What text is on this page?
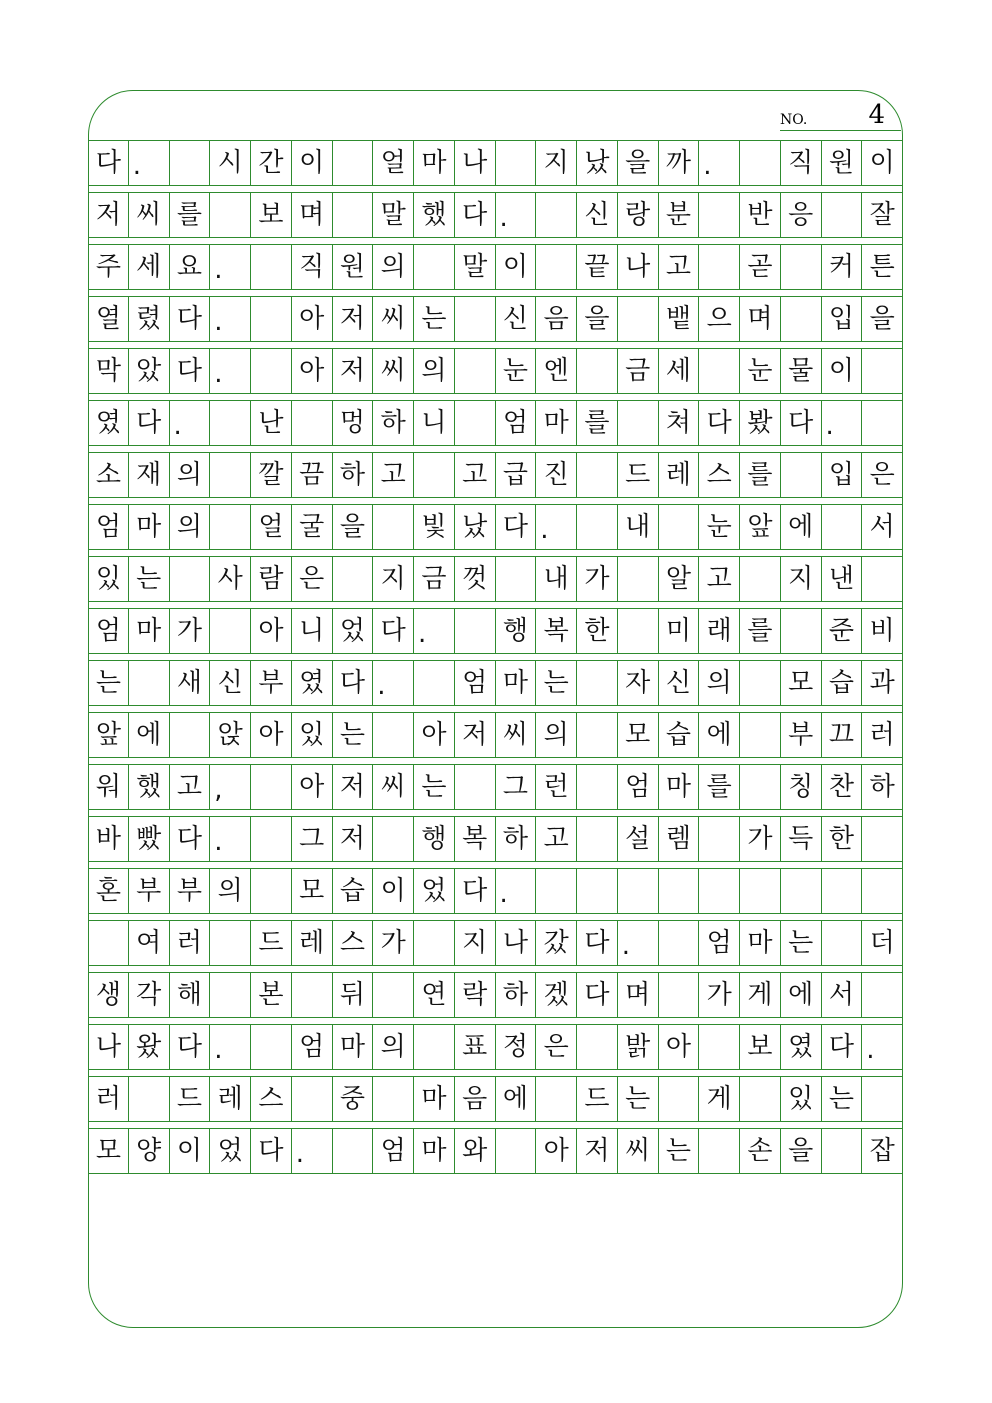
NO. 4
다 .	시 간 이	얼 마 나	지 났 을 까 .	직 원 이
저 씨 를	보 며	말 했 다 .	신 랑 분	반 응	잘
주 세 요 .	직 원 의	말 이	끝 나 고	곧	커 튼
열 렸 다 .	아 저 씨 는	신 음 을	뱉 으 며	입 을
막 았 다 .	아 저 씨 의	눈 엔	금 세	눈 물 이
였 다 .	난	멍 하 니	엄 마 를	쳐 다 봤 다 .
소 재 의	깔 끔 하 고	고 급 진	드 레 스 를	입 은
엄 마 의	얼 굴 을	빛 났 다 .	내	눈 앞 에	서
있 는	사 람 은	지 금 껏	내 가	알 고	지 낸
엄 마 가	아 니 었 다 .	행 복 한	미 래 를	준 비
는	새 신 부 였 다 .	엄 마 는	자 신 의	모 습 과
앞 에	앉 아 있 는	아 저 씨 의	모 습 에	부 끄 러
워 했 고 ,	아 저 씨 는	그 런	엄 마 를	칭 찬 하
바 빴 다 .	그 저	행 복 하 고	설 렘	가 득 한
혼 부 부 의	모 습 이 었 다 .
여 러	드 레 스 가	지 나 갔 다 .	엄 마 는	더
생 각 해	본	뒤	연 락 하 겠 다 며	가 게 에 서
나 왔 다 .	엄 마 의	표 정 은	밝 아	보 였 다 .
러	드 레 스	중	마 음 에	드 는	게	있 는
모 양 이 었 다 .	엄 마 와	아 저 씨 는	손 을	잡
